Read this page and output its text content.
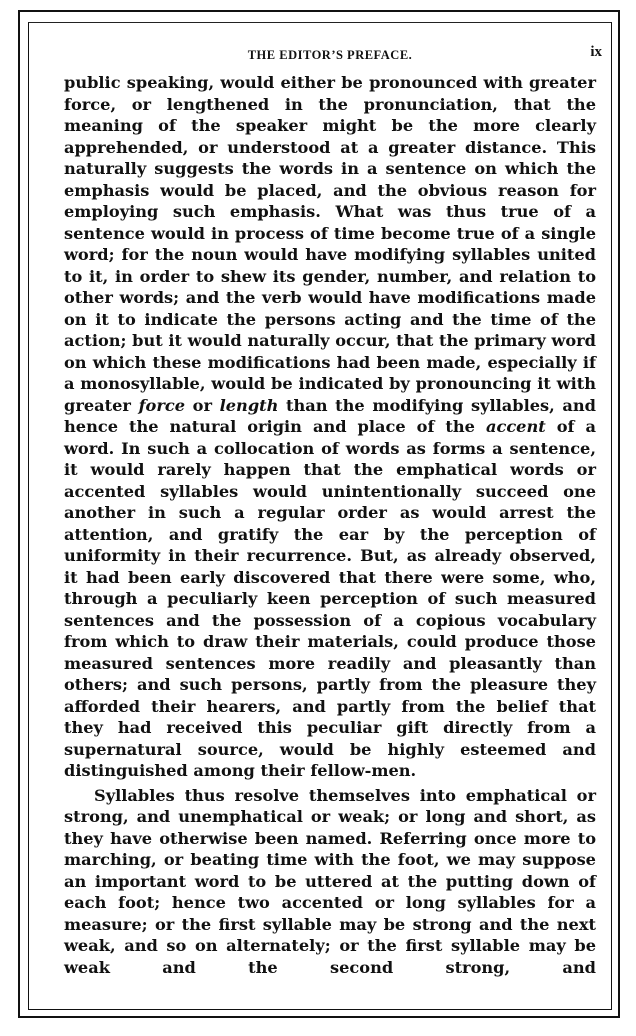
THE EDITOR’S PREFACE.	ix

public speaking, would either be pronounced with greater force, or lengthened in the pronunciation, that the meaning of the speaker might be the more clearly apprehended, or understood at a greater distance. This naturally suggests the words in a sentence on which the emphasis would be placed, and the obvious reason for employing such emphasis. What was thus true of a sentence would in process of time become true of a single word; for the noun would have modifying syllables united to it, in order to shew its gender, number, and relation to other words; and the verb would have modifications made on it to indicate the persons acting and the time of the action; but it would naturally occur, that the primary word on which these modifications had been made, especially if a monosyllable, would be indicated by pronouncing it with greater force or length than the modifying syllables, and hence the natural origin and place of the accent of a word. In such a collocation of words as forms a sentence, it would rarely happen that the emphatical words or accented syllables would unintentionally succeed one another in such a regular order as would arrest the attention, and gratify the ear by the perception of uniformity in their recurrence. But, as already observed, it had been early discovered that there were some, who, through a peculiarly keen perception of such measured sentences and the possession of a copious vocabulary from which to draw their materials, could produce those measured sentences more readily and pleasantly than others; and such persons, partly from the pleasure they afforded their hearers, and partly from the belief that they had received this peculiar gift directly from a supernatural source, would be highly esteemed and distinguished among their fellow-men.

Syllables thus resolve themselves into emphatical or strong, and unemphatical or weak; or long and short, as they have otherwise been named. Referring once more to marching, or beating time with the foot, we may suppose an important word to be uttered at the putting down of each foot; hence two accented or long syllables for a measure; or the first syllable may be strong and the next weak, and so on alternately; or the first syllable may be weak and the second strong, and
